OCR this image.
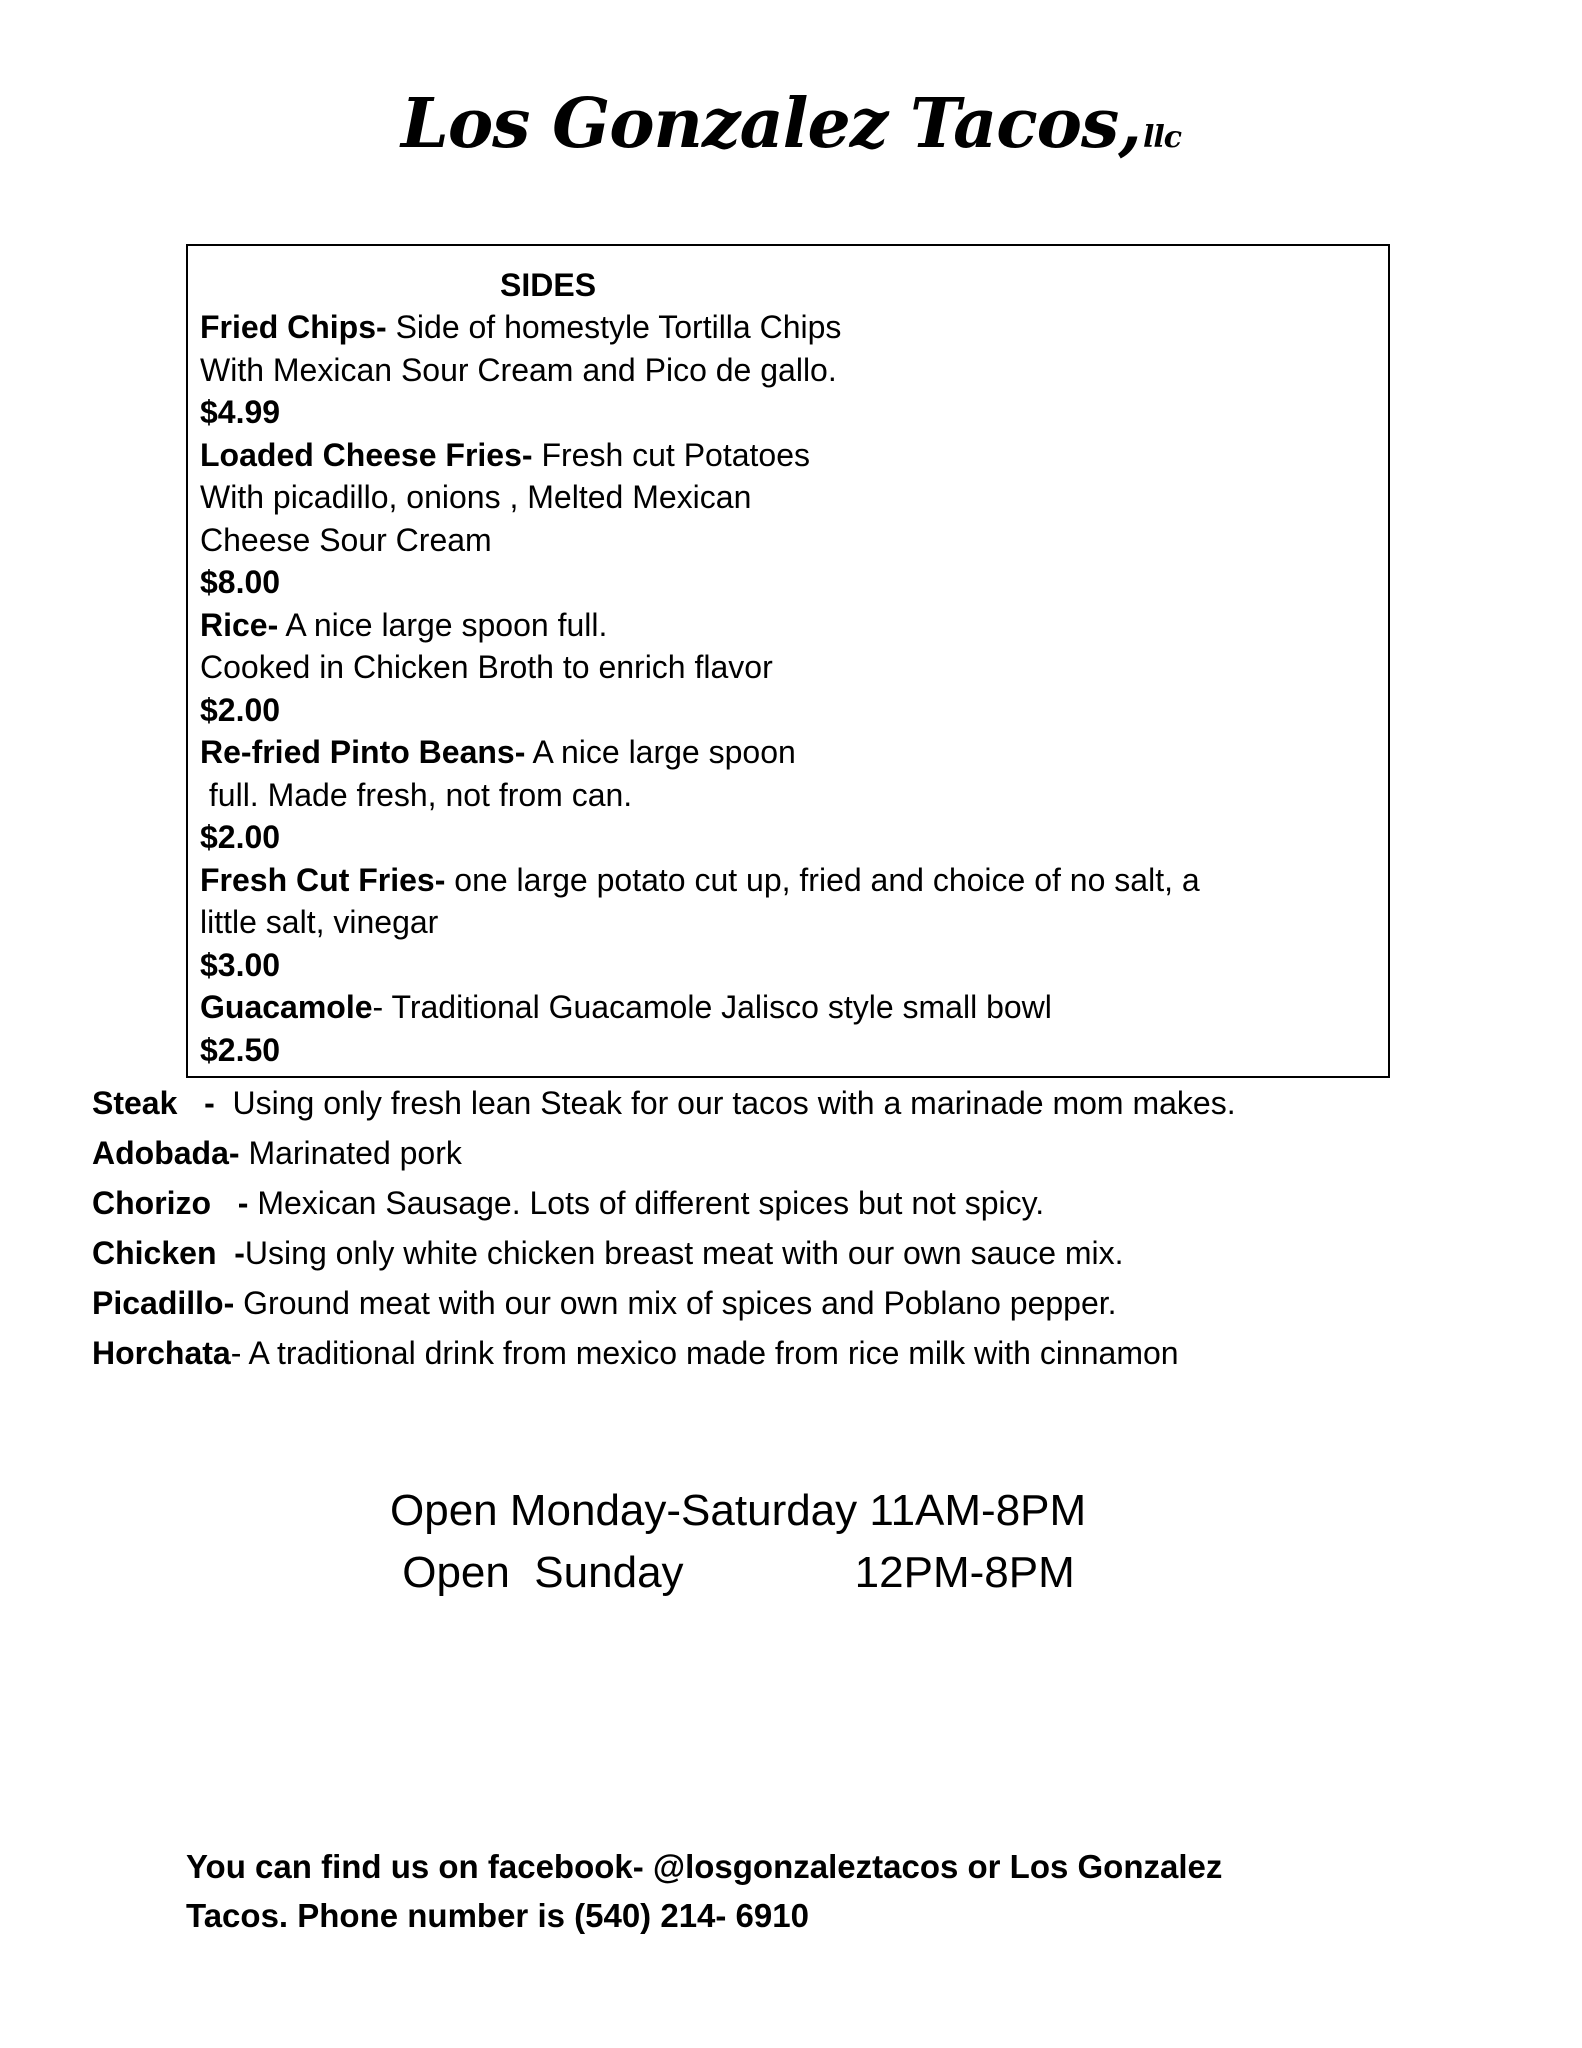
Los Gonzalez Tacos,llc
SIDES
Fried Chips- Side of homestyle Tortilla Chips
With Mexican Sour Cream and Pico de gallo.
$4.99
Loaded Cheese Fries- Fresh cut Potatoes
With picadillo, onions , Melted Mexican
Cheese Sour Cream
$8.00
Rice- A nice large spoon full.
Cooked in Chicken Broth to enrich flavor
$2.00
Re-fried Pinto Beans- A nice large spoon
full. Made fresh, not from can.
$2.00
Fresh Cut Fries- one large potato cut up, fried and choice of no salt, a
little salt, vinegar
$3.00
Guacamole- Traditional Guacamole Jalisco style small bowl
$2.50
Steak   -  Using only fresh lean Steak for our tacos with a marinade mom makes.
Adobada- Marinated pork
Chorizo   - Mexican Sausage. Lots of different spices but not spicy.
Chicken  -Using only white chicken breast meat with our own sauce mix.
Picadillo- Ground meat with our own mix of spices and Poblano pepper.
Horchata- A traditional drink from mexico made from rice milk with cinnamon
Open Monday-Saturday 11AM-8PM
Open  Sunday              12PM-8PM
You can find us on facebook- @losgonzaleztacos or Los Gonzalez
Tacos. Phone number is (540) 214- 6910
